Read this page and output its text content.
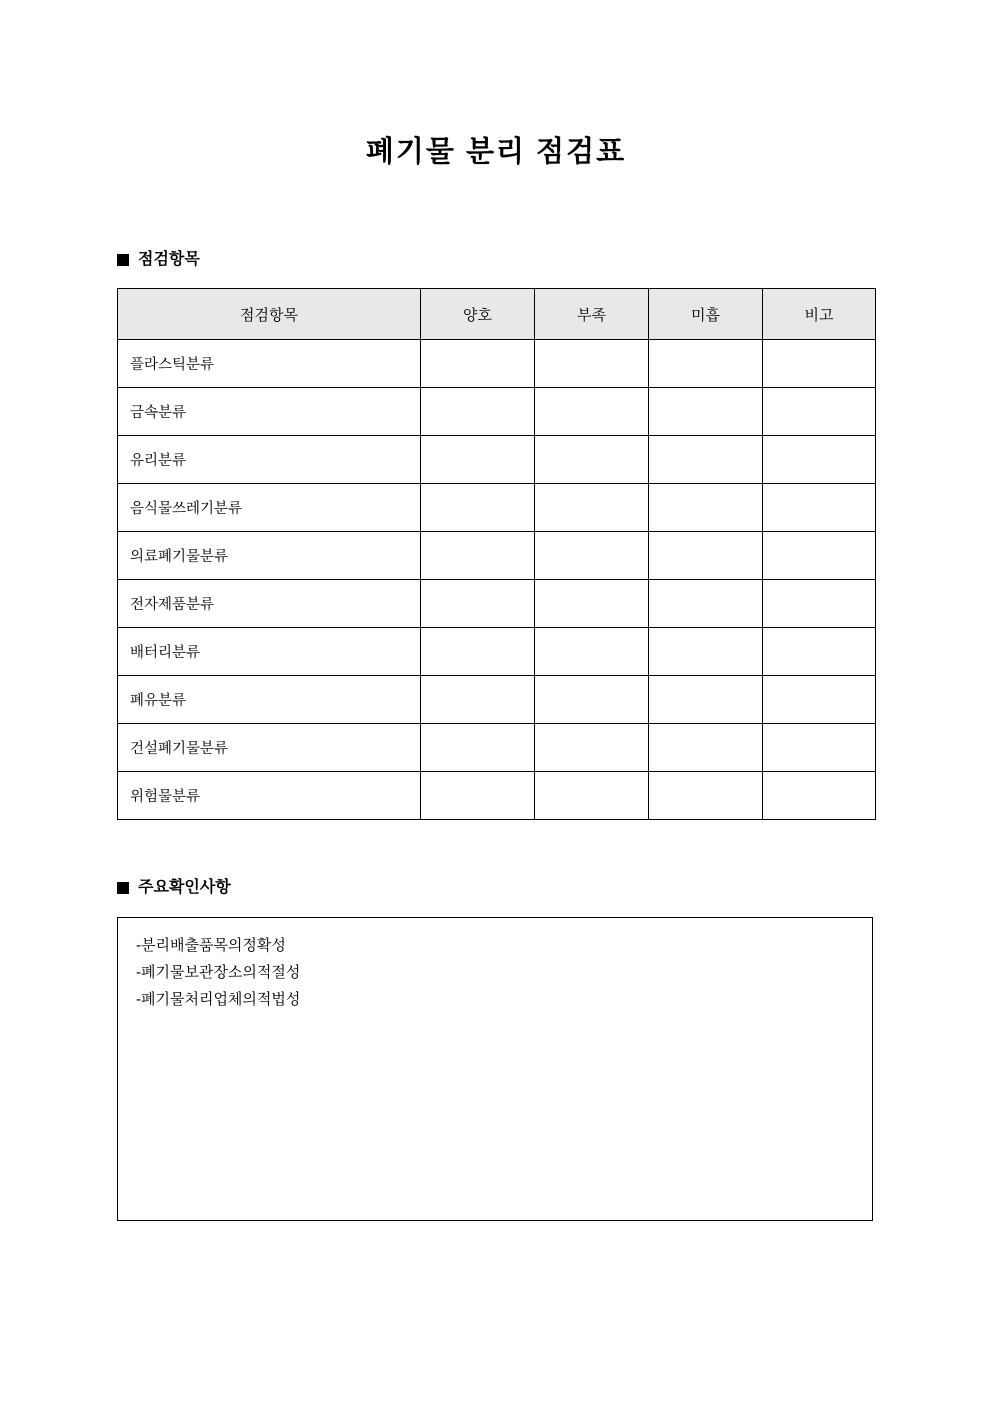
폐기물 분리 점검표
점검항목
점검항목	양호	부족	미흡	비고
플라스틱분류				
금속분류				
유리분류				
음식물쓰레기분류				
의료폐기물분류				
전자제품분류				
배터리분류				
폐유분류				
건설폐기물분류				
위험물분류				
주요확인사항
-분리배출품목의정확성
-폐기물보관장소의적절성
-폐기물처리업체의적법성
